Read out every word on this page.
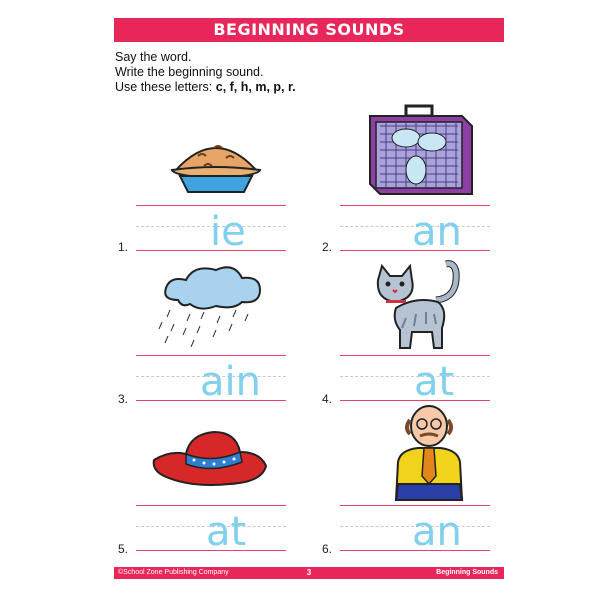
BEGINNING SOUNDS
Say the word.
Write the beginning sound.
Use these letters: c, f, h, m, p, r.
1. ie	2. an
3. ain	4. at
5. at	6. an
©School Zone Publishing Company	3	Beginning Sounds
